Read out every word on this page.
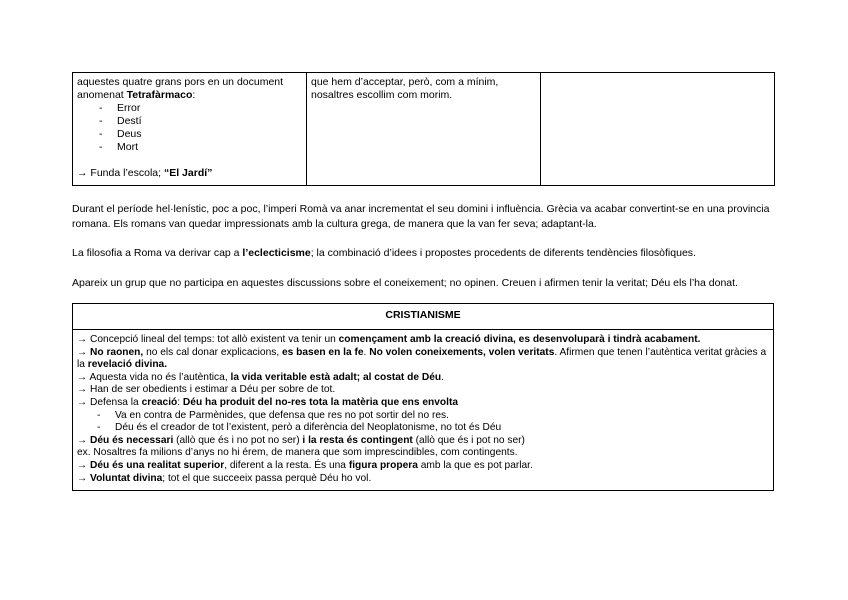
aquestes quatre grans pors en un document anomenat Tetrafàrmaco:
- Error
- Destí
- Deus
- Mort
→ Funda l’escola; “El Jardí”
	que hem d’acceptar, però, com a mínim, nosaltres escollim com morim.	
Durant el període hel·lenístic, poc a poc, l’imperi Romà va anar incrementat el seu domini i influència. Grècia va acabar convertint-se en una provincia romana. Els romans van quedar impressionats amb la cultura grega, de manera que la van fer seva; adaptant-la.
La filosofia a Roma va derivar cap a l’eclecticisme; la combinació d’idees i propostes procedents de diferents tendències filosòfiques.
Apareix un grup que no participa en aquestes discussions sobre el coneixement; no opinen. Creuen i afirmen tenir la veritat; Déu els l’ha donat.
CRISTIANISME

→ Concepció lineal del temps: tot allò existent va tenir un començament amb la creació divina, es desenvoluparà i tindrà acabament.
→ No raonen, no els cal donar explicacions, es basen en la fe. No volen coneixements, volen veritats. Afirmen que tenen l’autèntica veritat gràcies a la revelació divina.
→ Aquesta vida no és l’autèntica, la vida veritable està adalt; al costat de Déu.
→ Han de ser obedients i estimar a Déu per sobre de tot.
→ Defensa la creació: Déu ha produit del no-res tota la matèria que ens envolta
- Va en contra de Parmènides, que defensa que res no pot sortir del no res.
- Déu és el creador de tot l’existent, però a diferència del Neoplatonisme, no tot és Déu
→ Déu és necessari (allò que és i no pot no ser) i la resta és contingent (allò que és i pot no ser)
ex. Nosaltres fa milions d’anys no hi érem, de manera que som imprescindibles, com contingents.
→ Déu és una realitat superior, diferent a la resta. És una figura propera amb la que es pot parlar.
→ Voluntat divina; tot el que succeeix passa perquè Déu ho vol.
